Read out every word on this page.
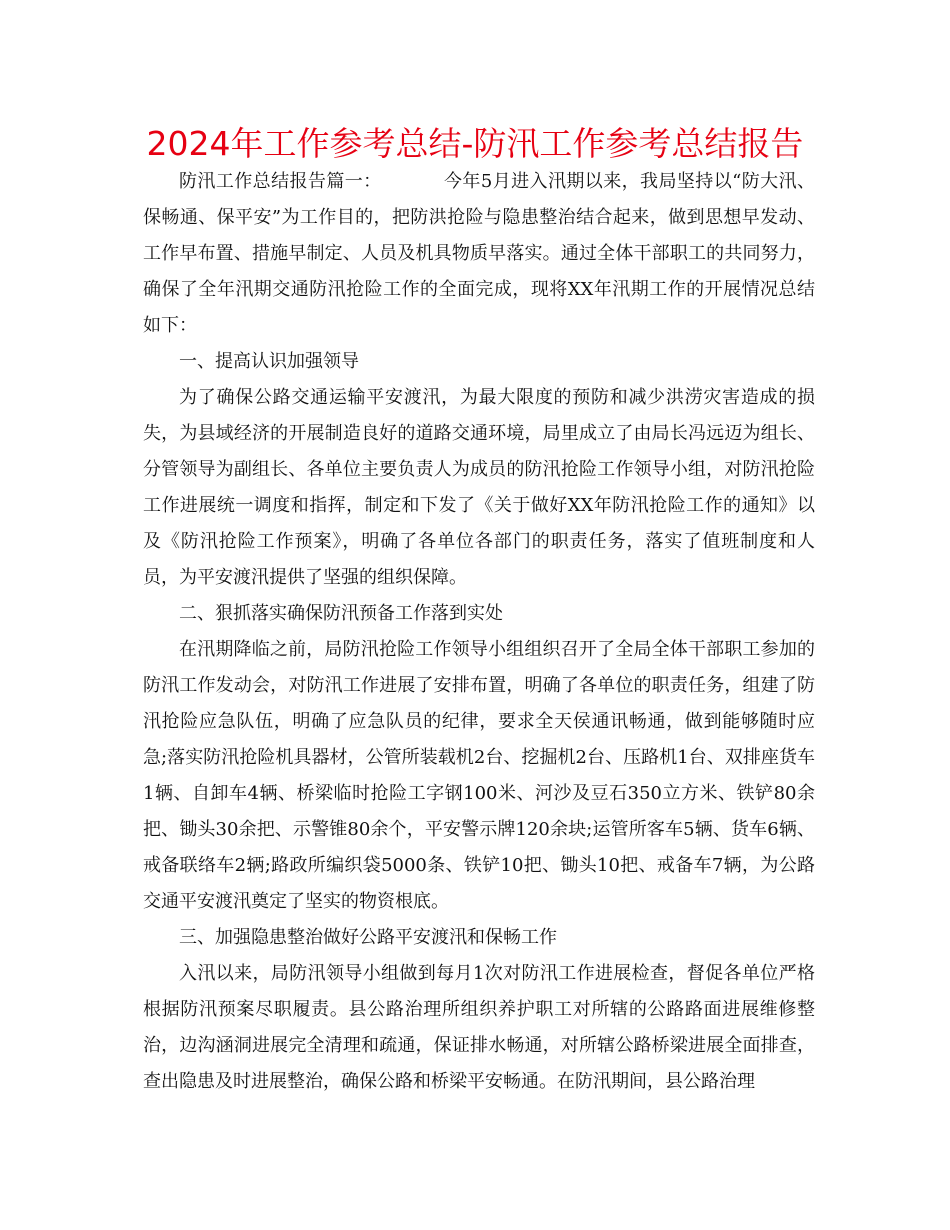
2024年工作参考总结-防汛工作参考总结报告

防汛工作总结报告篇一：	今年5月进入汛期以来，我局坚持以“防大汛、保畅通、保平安”为工作目的，把防洪抢险与隐患整治结合起来，做到思想早发动、工作早布置、措施早制定、人员及机具物质早落实。通过全体干部职工的共同努力，确保了全年汛期交通防汛抢险工作的全面完成，现将XX年汛期工作的开展情况总结如下：

一、提高认识加强领导

为了确保公路交通运输平安渡汛，为最大限度的预防和减少洪涝灾害造成的损失，为县域经济的开展制造良好的道路交通环境，局里成立了由局长冯远迈为组长、分管领导为副组长、各单位主要负责人为成员的防汛抢险工作领导小组，对防汛抢险工作进展统一调度和指挥，制定和下发了《关于做好XX年防汛抢险工作的通知》以及《防汛抢险工作预案》，明确了各单位各部门的职责任务，落实了值班制度和人员，为平安渡汛提供了坚强的组织保障。

二、狠抓落实确保防汛预备工作落到实处

在汛期降临之前，局防汛抢险工作领导小组组织召开了全局全体干部职工参加的防汛工作发动会，对防汛工作进展了安排布置，明确了各单位的职责任务，组建了防汛抢险应急队伍，明确了应急队员的纪律，要求全天侯通讯畅通，做到能够随时应急;落实防汛抢险机具器材，公管所装载机2台、挖掘机2台、压路机1台、双排座货车1辆、自卸车4辆、桥梁临时抢险工字钢100米、河沙及豆石350立方米、铁铲80余把、锄头30余把、示警锥80余个，平安警示牌120余块;运管所客车5辆、货车6辆、戒备联络车2辆;路政所编织袋5000条、铁铲10把、锄头10把、戒备车7辆，为公路交通平安渡汛奠定了坚实的物资根底。

三、加强隐患整治做好公路平安渡汛和保畅工作

入汛以来，局防汛领导小组做到每月1次对防汛工作进展检查，督促各单位严格根据防汛预案尽职履责。县公路治理所组织养护职工对所辖的公路路面进展维修整治，边沟涵洞进展完全清理和疏通，保证排水畅通，对所辖公路桥梁进展全面排查，查出隐患及时进展整治，确保公路和桥梁平安畅通。在防汛期间，县公路治理
